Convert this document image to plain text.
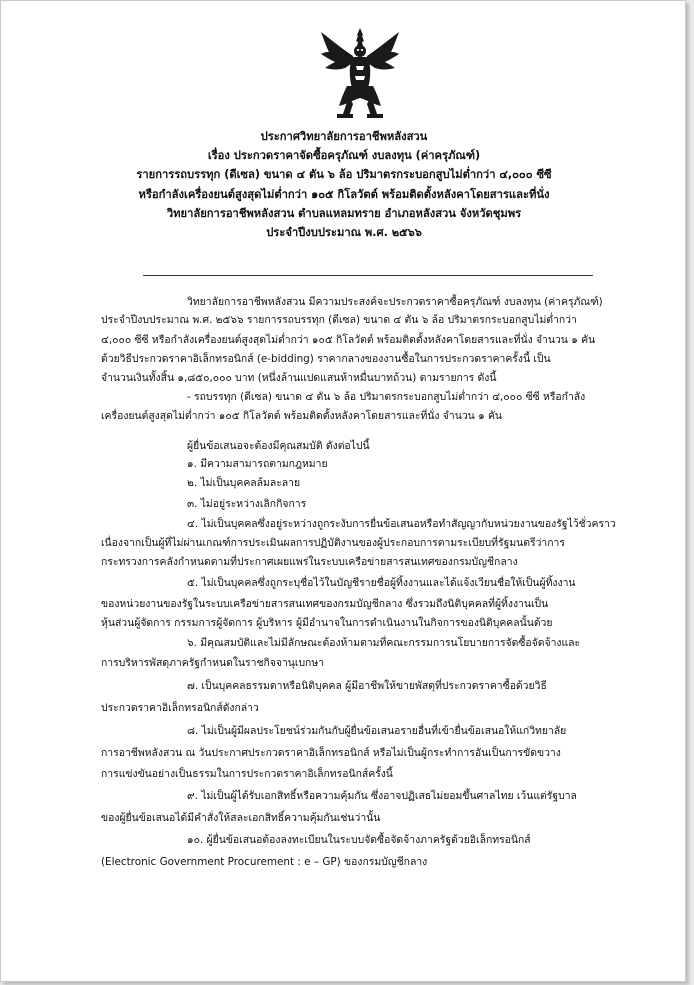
ประกาศวิทยาลัยการอาชีพหลังสวน
เรื่อง ประกวดราคาจัดซื้อครุภัณฑ์ งบลงทุน (ค่าครุภัณฑ์)
รายการรถบรรทุก (ดีเซล) ขนาด ๔ ตัน ๖ ล้อ ปริมาตรกระบอกสูบไม่ต่ำกว่า ๔,๐๐๐ ซีซี
หรือกำลังเครื่องยนต์สูงสุดไม่ต่ำกว่า ๑๐๕ กิโลวัตต์ พร้อมติดตั้งหลังคาโดยสารและที่นั่ง
วิทยาลัยการอาชีพหลังสวน ตำบลแหลมทราย อำเภอหลังสวน จังหวัดชุมพร
ประจำปีงบประมาณ พ.ศ. ๒๕๖๖
วิทยาลัยการอาชีพหลังสวน มีความประสงค์จะประกวดราคาซื้อครุภัณฑ์ งบลงทุน (ค่าครุภัณฑ์)
ประจำปีงบประมาณ พ.ศ. ๒๕๖๖ รายการรถบรรทุก (ดีเซล) ขนาด ๔ ตัน ๖ ล้อ ปริมาตรกระบอกสูบไม่ต่ำกว่า
๔,๐๐๐ ซีซี หรือกำลังเครื่องยนต์สูงสุดไม่ต่ำกว่า ๑๐๕ กิโลวัตต์ พร้อมติดตั้งหลังคาโดยสารและที่นั่ง จำนวน ๑ คัน
ด้วยวิธีประกวดราคาอิเล็กทรอนิกส์ (e-bidding) ราคากลางของงานซื้อในการประกวดราคาครั้งนี้ เป็น
จำนวนเงินทั้งสิ้น ๑,๘๕๐,๐๐๐ บาท (หนึ่งล้านแปดแสนห้าหมื่นบาทถ้วน) ตามรายการ ดังนี้
- รถบรรทุก (ดีเซล) ขนาด ๔ ตัน ๖ ล้อ ปริมาตรกระบอกสูบไม่ต่ำกว่า ๔,๐๐๐ ซีซี หรือกำลัง
เครื่องยนต์สูงสุดไม่ต่ำกว่า ๑๐๕ กิโลวัตต์ พร้อมติดตั้งหลังคาโดยสารและที่นั่ง จำนวน ๑ คัน
ผู้ยื่นข้อเสนอจะต้องมีคุณสมบัติ ดังต่อไปนี้
๑. มีความสามารถตามกฎหมาย
๒. ไม่เป็นบุคคลล้มละลาย
๓. ไม่อยู่ระหว่างเลิกกิจการ
๔. ไม่เป็นบุคคลซึ่งอยู่ระหว่างถูกระงับการยื่นข้อเสนอหรือทำสัญญากับหน่วยงานของรัฐไว้ชั่วคราว
เนื่องจากเป็นผู้ที่ไม่ผ่านเกณฑ์การประเมินผลการปฏิบัติงานของผู้ประกอบการตามระเบียบที่รัฐมนตรีว่าการ
กระทรวงการคลังกำหนดตามที่ประกาศเผยแพร่ในระบบเครือข่ายสารสนเทศของกรมบัญชีกลาง
๕. ไม่เป็นบุคคลซึ่งถูกระบุชื่อไว้ในบัญชีรายชื่อผู้ทิ้งงานและได้แจ้งเวียนชื่อให้เป็นผู้ทิ้งงาน
ของหน่วยงานของรัฐในระบบเครือข่ายสารสนเทศของกรมบัญชีกลาง ซึ่งรวมถึงนิติบุคคลที่ผู้ทิ้งงานเป็น
หุ้นส่วนผู้จัดการ กรรมการผู้จัดการ ผู้บริหาร ผู้มีอำนาจในการดำเนินงานในกิจการของนิติบุคคลนั้นด้วย
๖. มีคุณสมบัติและไม่มีลักษณะต้องห้ามตามที่คณะกรรมการนโยบายการจัดซื้อจัดจ้างและ
การบริหารพัสดุภาครัฐกำหนดในราชกิจจานุเบกษา
๗. เป็นบุคคลธรรมดาหรือนิติบุคคล ผู้มีอาชีพให้ขายพัสดุที่ประกวดราคาซื้อด้วยวิธี
ประกวดราคาอิเล็กทรอนิกส์ดังกล่าว
๘. ไม่เป็นผู้มีผลประโยชน์ร่วมกันกับผู้ยื่นข้อเสนอรายอื่นที่เข้ายื่นข้อเสนอให้แก่วิทยาลัย
การอาชีพหลังสวน ณ วันประกาศประกวดราคาอิเล็กทรอนิกส์ หรือไม่เป็นผู้กระทำการอันเป็นการขัดขวาง
การแข่งขันอย่างเป็นธรรมในการประกวดราคาอิเล็กทรอนิกส์ครั้งนี้
๙. ไม่เป็นผู้ได้รับเอกสิทธิ์หรือความคุ้มกัน ซึ่งอาจปฏิเสธไม่ยอมขึ้นศาลไทย เว้นแต่รัฐบาล
ของผู้ยื่นข้อเสนอได้มีคำสั่งให้สละเอกสิทธิ์ความคุ้มกันเช่นว่านั้น
๑๐. ผู้ยื่นข้อเสนอต้องลงทะเบียนในระบบจัดซื้อจัดจ้างภาครัฐด้วยอิเล็กทรอนิกส์
(Electronic Government Procurement : e – GP) ของกรมบัญชีกลาง
